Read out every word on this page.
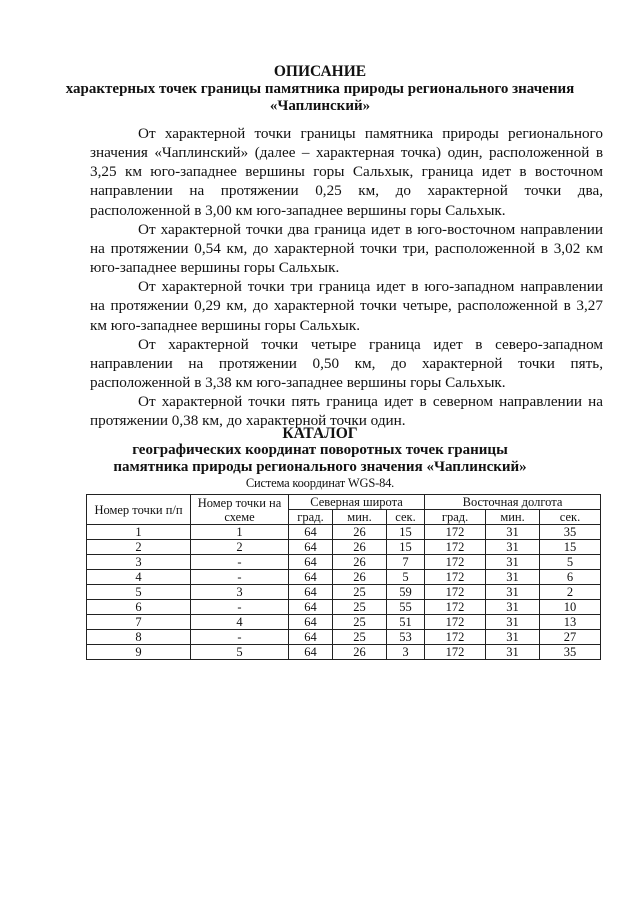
ОПИСАНИЕ
характерных точек границы памятника природы регионального значения
«Чаплинский»

От характерной точки границы памятника природы регионального значения «Чаплинский» (далее – характерная точка) один, расположенной в 3,25 км юго-западнее вершины горы Сальхык, граница идет в восточном направлении на протяжении 0,25 км, до характерной точки два, расположенной в 3,00 км юго-западнее вершины горы Сальхык.

От характерной точки два граница идет в юго-восточном направлении на протяжении 0,54 км, до характерной точки три, расположенной в 3,02 км юго-западнее вершины горы Сальхык.

От характерной точки три граница идет в юго-западном направлении на протяжении 0,29 км, до характерной точки четыре, расположенной в 3,27 км юго-западнее вершины горы Сальхык.

От характерной точки четыре граница идет в северо-западном направлении на протяжении 0,50 км, до характерной точки пять, расположенной в 3,38 км юго-западнее вершины горы Сальхык.

От характерной точки пять граница идет в северном направлении на протяжении 0,38 км, до характерной точки один.

КАТАЛОГ
географических координат поворотных точек границы
памятника природы регионального значения «Чаплинский»
Система координат WGS-84.
Номер точки п/п	Номер точки на схеме	Северная широта			Восточная долгота		
		град.	мин.	сек.	град.	мин.	сек.
1	1	64	26	15	172	31	35
2	2	64	26	15	172	31	15
3	-	64	26	7	172	31	5
4	-	64	26	5	172	31	6
5	3	64	25	59	172	31	2
6	-	64	25	55	172	31	10
7	4	64	25	51	172	31	13
8	-	64	25	53	172	31	27
9	5	64	26	3	172	31	35
